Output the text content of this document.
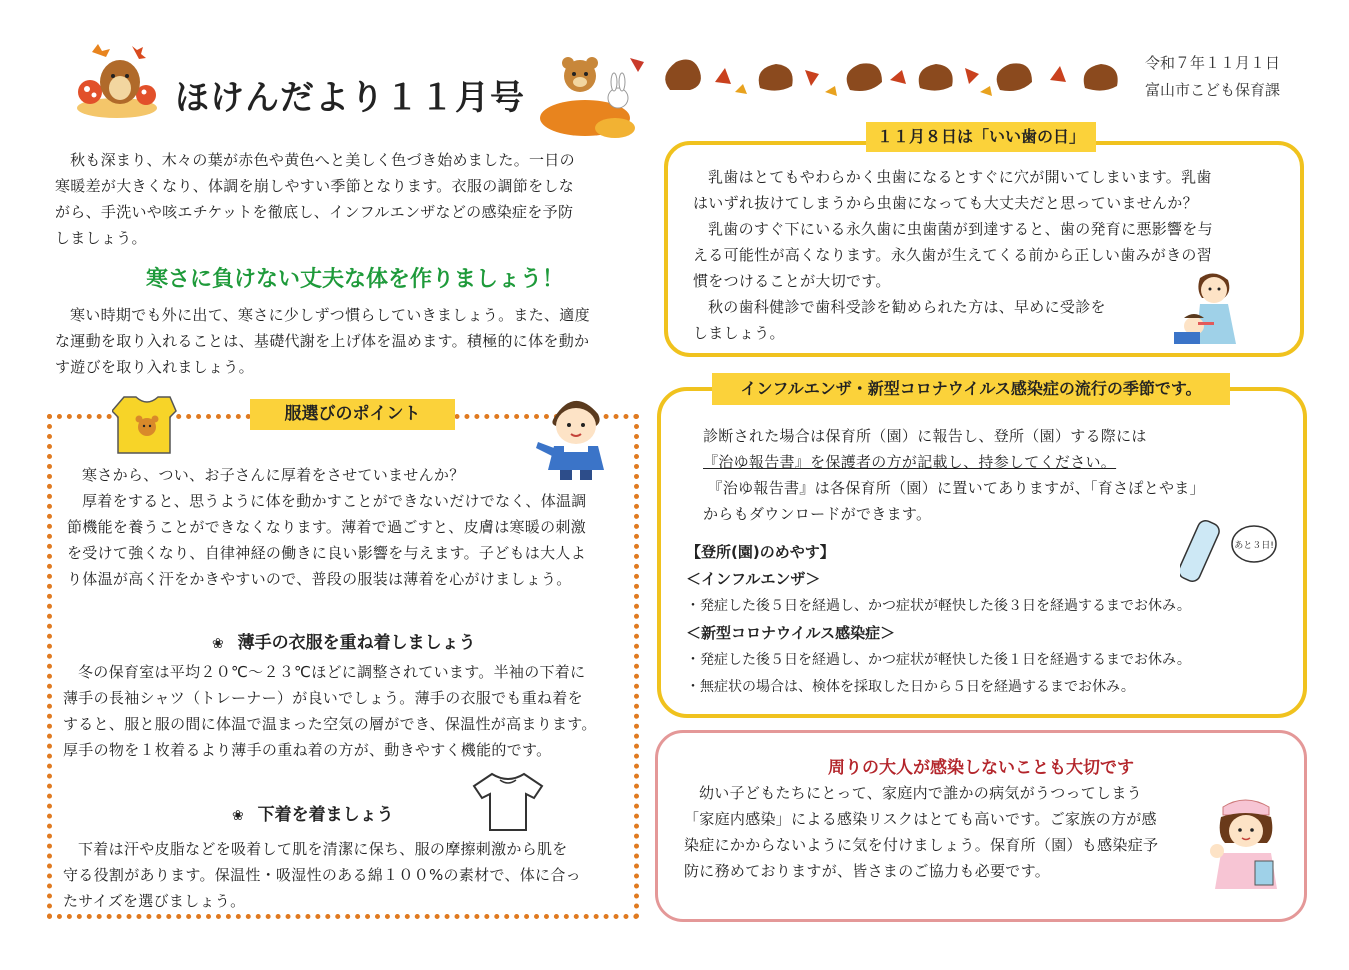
ほけんだより１１月号
令和７年１１月１日
富山市こども保育課

秋も深まり、木々の葉が赤色や黄色へと美しく色づき始めました。一日の

寒暖差が大きくなり、体調を崩しやすい季節となります。衣服の調節をしな

がら、手洗いや咳エチケットを徹底し、インフルエンザなどの感染症を予防

しましょう。

寒さに負けない丈夫な体を作りましょう！

寒い時期でも外に出て、寒さに少しずつ慣らしていきましょう。また、適度

な運動を取り入れることは、基礎代謝を上げ体を温めます。積極的に体を動か

す遊びを取り入れましょう。

服選びのポイント

寒さから、つい、お子さんに厚着をさせていませんか？

厚着をすると、思うように体を動かすことができないだけでなく、体温調

節機能を養うことができなくなります。薄着で過ごすと、皮膚は寒暖の刺激

を受けて強くなり、自律神経の働きに良い影響を与えます。子どもは大人よ

り体温が高く汗をかきやすいので、普段の服装は薄着を心がけましょう。

❀ 薄手の衣服を重ね着しましょう

冬の保育室は平均２０℃～２３℃ほどに調整されています。半袖の下着に

薄手の長袖シャツ（トレーナー）が良いでしょう。薄手の衣服でも重ね着を

すると、服と服の間に体温で温まった空気の層ができ、保温性が高まります。

厚手の物を１枚着るより薄手の重ね着の方が、動きやすく機能的です。

❀ 下着を着ましょう

下着は汗や皮脂などを吸着して肌を清潔に保ち、服の摩擦刺激から肌を

守る役割があります。保温性・吸湿性のある綿１００%の素材で、体に合っ

たサイズを選びましょう。

１１月８日は「いい歯の日」

乳歯はとてもやわらかく虫歯になるとすぐに穴が開いてしまいます。乳歯

はいずれ抜けてしまうから虫歯になっても大丈夫だと思っていませんか？

乳歯のすぐ下にいる永久歯に虫歯菌が到達すると、歯の発育に悪影響を与

える可能性が高くなります。永久歯が生えてくる前から正しい歯みがきの習

慣をつけることが大切です。

秋の歯科健診で歯科受診を勧められた方は、早めに受診を

しましょう。

インフルエンザ・新型コロナウイルス感染症の流行の季節です。

診断された場合は保育所（園）に報告し、登所（園）する際には

『治ゆ報告書』を保護者の方が記載し、持参してください。

『治ゆ報告書』は各保育所（園）に置いてありますが、「育さぽとやま」

からもダウンロードができます。

あと３日!

【登所(園)のめやす】

＜インフルエンザ＞

・発症した後５日を経過し、かつ症状が軽快した後３日を経過するまでお休み。

＜新型コロナウイルス感染症＞

・発症した後５日を経過し、かつ症状が軽快した後１日を経過するまでお休み。

・無症状の場合は、検体を採取した日から５日を経過するまでお休み。

周りの大人が感染しないことも大切です

幼い子どもたちにとって、家庭内で誰かの病気がうつってしまう

「家庭内感染」による感染リスクはとても高いです。ご家族の方が感

染症にかからないように気を付けましょう。保育所（園）も感染症予

防に務めておりますが、皆さまのご協力も必要です。
